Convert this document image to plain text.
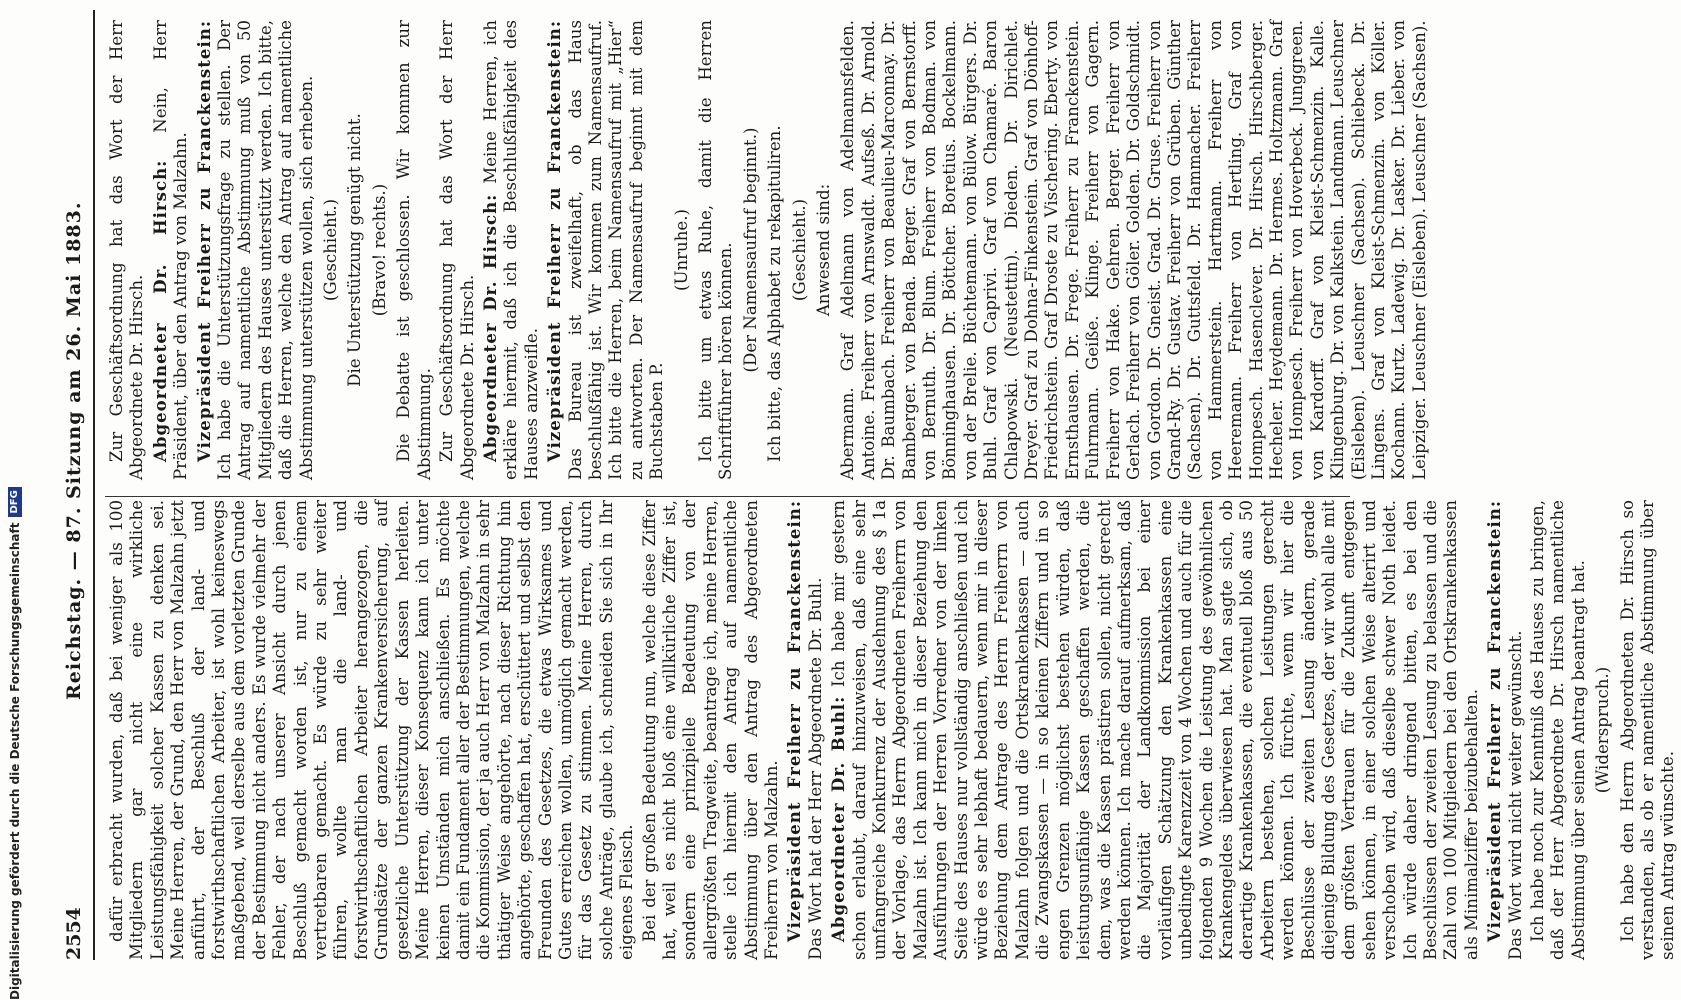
2554
Reichstag. — 87. Sitzung am 26. Mai 1883.

dafür erbracht wurden, daß bei weniger als 100 Mitgliedern gar nicht eine wirkliche Leistungsfähigkeit solcher Kassen zu denken sei. Meine Herren, der Grund, den Herr von Malzahn jetzt anführt, der Beschluß der land- und forstwirthschaftlichen Arbeiter, ist wohl keineswegs maßgebend, weil derselbe aus dem vorletzten Grunde der Bestimmung nicht anders. Es wurde vielmehr der Fehler, der nach unserer Ansicht durch jenen Beschluß gemacht worden ist, nur zu einem vertretbaren gemacht. Es würde zu sehr weiter führen, wollte man die land- und forstwirthschaftlichen Arbeiter herangezogen, die Grundsätze der ganzen Krankenversicherung, auf gesetzliche Unterstützung der Kassen herleiten. Meine Herren, dieser Konsequenz kann ich unter keinen Umständen mich anschließen. Es möchte damit ein Fundament aller der Bestimmungen, welche die Kommission, der ja auch Herr von Malzahn in sehr thätiger Weise angehörte, nach dieser Richtung hin angehörte, geschaffen hat, erschüttert und selbst den Freunden des Gesetzes, die etwas Wirksames und Gutes erreichen wollen, unmöglich gemacht werden, für das Gesetz zu stimmen. Meine Herren, durch solche Anträge, glaube ich, schneiden Sie sich in Ihr eigenes Fleisch. Bei der großen Bedeutung nun, welche diese Ziffer hat, weil es nicht bloß eine willkürliche Ziffer ist, sondern eine prinzipielle Bedeutung von der allergrößten Tragweite, beantrage ich, meine Herren, stelle ich hiermit den Antrag auf namentliche Abstimmung über den Antrag des Abgeordneten Freiherrn von Malzahn. Vizepräsident Freiherr zu Franckenstein: Das Wort hat der Herr Abgeordnete Dr. Buhl. Abgeordneter Dr. Buhl: Ich habe mir gestern schon erlaubt, darauf hinzuweisen, daß eine sehr umfangreiche Konkurrenz der Ausdehnung des § 1a der Vorlage, das Herrn Abgeordneten Freiherrn von Malzahn ist. Ich kann mich in dieser Beziehung den Ausführungen der Herren Vorredner von der linken Seite des Hauses nur vollständig anschließen und ich würde es sehr lebhaft bedauern, wenn mir in dieser Beziehung dem Antrage des Herrn Freiherrn von Malzahn folgen und die Ortskrankenkassen — auch die Zwangskassen — in so kleinen Ziffern und in so engen Grenzen möglichst bestehen würden, daß leistungsunfähige Kassen geschaffen werden, die dem, was die Kassen prästiren sollen, nicht gerecht werden können. Ich mache darauf aufmerksam, daß die Majorität der Landkommission bei einer vorläufigen Schätzung den Krankenkassen eine unbedingte Karenzzeit von 4 Wochen und auch für die folgenden 9 Wochen die Leistung des gewöhnlichen Krankengeldes überwiesen hat. Man sagte sich, ob derartige Krankenkassen, die eventuell bloß aus 50 Arbeitern bestehen, solchen Leistungen gerecht werden können. Ich fürchte, wenn wir hier die Beschlüsse der zweiten Lesung ändern, gerade diejenige Bildung des Gesetzes, der wir wohl alle mit dem größten Vertrauen für die Zukunft entgegen sehen können, in einer solchen Weise alterirt und verschoben wird, daß dieselbe schwer Noth leidet. Ich würde daher dringend bitten, es bei den Beschlüssen der zweiten Lesung zu belassen und die Zahl von 100 Mitgliedern bei den Ortskrankenkassen als Minimalziffer beizubehalten. Vizepräsident Freiherr zu Franckenstein: Das Wort wird nicht weiter gewünscht. Ich habe noch zur Kenntniß des Hauses zu bringen, daß der Herr Abgeordnete Dr. Hirsch namentliche Abstimmung über seinen Antrag beantragt hat. (Widerspruch.) Ich habe den Herrn Abgeordneten Dr. Hirsch so verstanden, als ob er namentliche Abstimmung über seinen Antrag wünschte.

Zur Geschäftsordnung hat das Wort der Herr Abgeordnete Dr. Hirsch. Abgeordneter Dr. Hirsch: Nein, Herr Präsident, über den Antrag von Malzahn. Vizepräsident Freiherr zu Franckenstein: Ich habe die Unterstützungsfrage zu stellen. Der Antrag auf namentliche Abstimmung muß von 50 Mitgliedern des Hauses unterstützt werden. Ich bitte, daß die Herren, welche den Antrag auf namentliche Abstimmung unterstützen wollen, sich erheben. (Geschieht.) Die Unterstützung genügt nicht. (Bravo! rechts.) Die Debatte ist geschlossen. Wir kommen zur Abstimmung. Zur Geschäftsordnung hat das Wort der Herr Abgeordnete Dr. Hirsch. Abgeordneter Dr. Hirsch: Meine Herren, ich erkläre hiermit, daß ich die Beschlußfähigkeit des Hauses anzweifle. Vizepräsident Freiherr zu Franckenstein: Das Bureau ist zweifelhaft, ob das Haus beschlußfähig ist. Wir kommen zum Namensaufruf. Ich bitte die Herren, beim Namensaufruf mit „Hier“ zu antworten. Der Namensaufruf beginnt mit dem Buchstaben P.

(Unruhe.) Ich bitte um etwas Ruhe, damit die Herren Schriftführer hören können. (Der Namensaufruf beginnt.) Ich bitte, das Alphabet zu rekapituliren. (Geschieht.) Anwesend sind: Abermann. Graf Adelmann von Adelmannsfelden. Antoine. Freiherr von Arnswaldt. Aufseß. Dr. Arnold. Dr. Baumbach. Freiherr von Beaulieu-Marconnay. Dr. Bamberger. von Benda. Berger. Graf von Bernstorff. von Bernuth. Dr. Blum. Freiherr von Bodman. von Bönninghausen. Dr. Böttcher. Boretius. Bockelmann. von der Brelie. Büchtemann. von Bülow. Bürgers. Dr. Buhl. Graf von Caprivi. Graf von Chamaré. Baron Chlapowski. (Neustettin). Dieden. Dr. Dirichlet. Dreyer. Graf zu Dohna-Finkenstein. Graf von Dönhoff-Friedrichstein. Graf Droste zu Vischering. Eberty. von Ernsthausen. Dr. Frege. Freiherr zu Franckenstein. Fuhrmann. Geiße. Klinge. Freiherr von Gagern. Freiherr von Hake. Gehren. Berger. Freiherr von Gerlach. Freiherr von Göler. Golden. Dr. Goldschmidt. von Gordon. Dr. Gneist. Grad. Dr. Gruse. Freiherr von Grand-Ry. Dr. Gustav. Freiherr von Grüben. Günther (Sachsen). Dr. Guttsfeld. Dr. Hammacher. Freiherr von Hammerstein. Hartmann. Freiherr von Heeremann. Freiherr von Hertling. Graf von Hompesch. Hasenclever. Dr. Hirsch. Hirschberger. Hecheler. Heydemann. Dr. Hermes. Holtzmann. Graf von Hompesch. Freiherr von Hoverbeck. Junggreen. von Kardorff. Graf von Kleist-Schmenzin. Kalle. Klingenburg. Dr. von Kalkstein. Landmann. Leuschner (Eisleben). Leuschner (Sachsen). Schliebeck. Dr. Lingens. Graf von Kleist-Schmenzin. von Köller. Kochann. Kurtz. Ladewig. Dr. Lasker. Dr. Lieber. von Leipziger. Leuschner (Eisleben). Leuschner (Sachsen).

Digitalisierung gefördert durch die Deutsche Forschungsgemeinschaft
DFG
